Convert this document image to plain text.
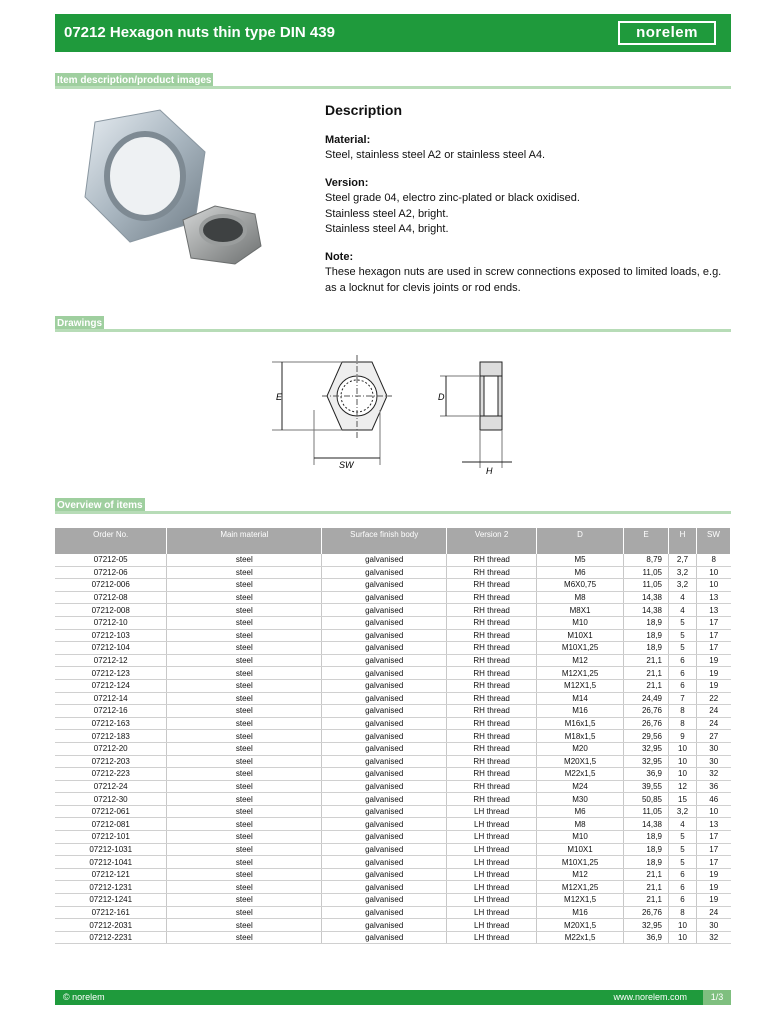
07212 Hexagon nuts thin type DIN 439	norelem
Item description/product images
Description
Material:
Steel, stainless steel A2 or stainless steel A4.
Version:
Steel grade 04, electro zinc-plated or black oxidised.
Stainless steel A2, bright.
Stainless steel A4, bright.
Note:
These hexagon nuts are used in screw connections exposed to limited loads, e.g. as a locknut for clevis joints or rod ends.
Drawings
E
SW
D
H
Overview of items
Order No.	Main material	Surface finish body	Version 2	D	E	H	SW
07212-05	steel	galvanised	RH thread	M5	8,79	2,7	8
07212-06	steel	galvanised	RH thread	M6	11,05	3,2	10
07212-006	steel	galvanised	RH thread	M6X0,75	11,05	3,2	10
07212-08	steel	galvanised	RH thread	M8	14,38	4	13
07212-008	steel	galvanised	RH thread	M8X1	14,38	4	13
07212-10	steel	galvanised	RH thread	M10	18,9	5	17
07212-103	steel	galvanised	RH thread	M10X1	18,9	5	17
07212-104	steel	galvanised	RH thread	M10X1,25	18,9	5	17
07212-12	steel	galvanised	RH thread	M12	21,1	6	19
07212-123	steel	galvanised	RH thread	M12X1,25	21,1	6	19
07212-124	steel	galvanised	RH thread	M12X1,5	21,1	6	19
07212-14	steel	galvanised	RH thread	M14	24,49	7	22
07212-16	steel	galvanised	RH thread	M16	26,76	8	24
07212-163	steel	galvanised	RH thread	M16x1,5	26,76	8	24
07212-183	steel	galvanised	RH thread	M18x1,5	29,56	9	27
07212-20	steel	galvanised	RH thread	M20	32,95	10	30
07212-203	steel	galvanised	RH thread	M20X1,5	32,95	10	30
07212-223	steel	galvanised	RH thread	M22x1,5	36,9	10	32
07212-24	steel	galvanised	RH thread	M24	39,55	12	36
07212-30	steel	galvanised	RH thread	M30	50,85	15	46
07212-061	steel	galvanised	LH thread	M6	11,05	3,2	10
07212-081	steel	galvanised	LH thread	M8	14,38	4	13
07212-101	steel	galvanised	LH thread	M10	18,9	5	17
07212-1031	steel	galvanised	LH thread	M10X1	18,9	5	17
07212-1041	steel	galvanised	LH thread	M10X1,25	18,9	5	17
07212-121	steel	galvanised	LH thread	M12	21,1	6	19
07212-1231	steel	galvanised	LH thread	M12X1,25	21,1	6	19
07212-1241	steel	galvanised	LH thread	M12X1,5	21,1	6	19
07212-161	steel	galvanised	LH thread	M16	26,76	8	24
07212-2031	steel	galvanised	LH thread	M20X1,5	32,95	10	30
07212-2231	steel	galvanised	LH thread	M22x1,5	36,9	10	32
© norelem	www.norelem.com	1/3
